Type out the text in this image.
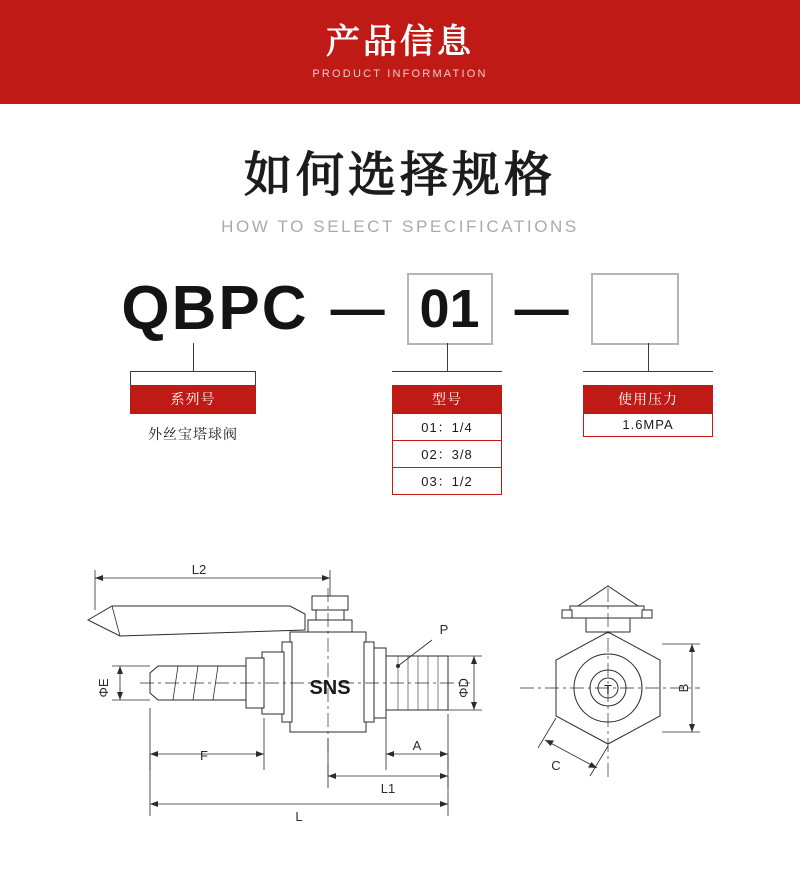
产品信息
PRODUCT INFORMATION
如何选择规格
HOW TO SELECT SPECIFICATIONS
QBPC — 01 —
系列号
外丝宝塔球阀
型号
01：1/4
02：3/8
03：1/2
使用压力
1.6MPA
L2
F
A
L1
L
ΦE	ΦD
P
B
C
SNS	T
